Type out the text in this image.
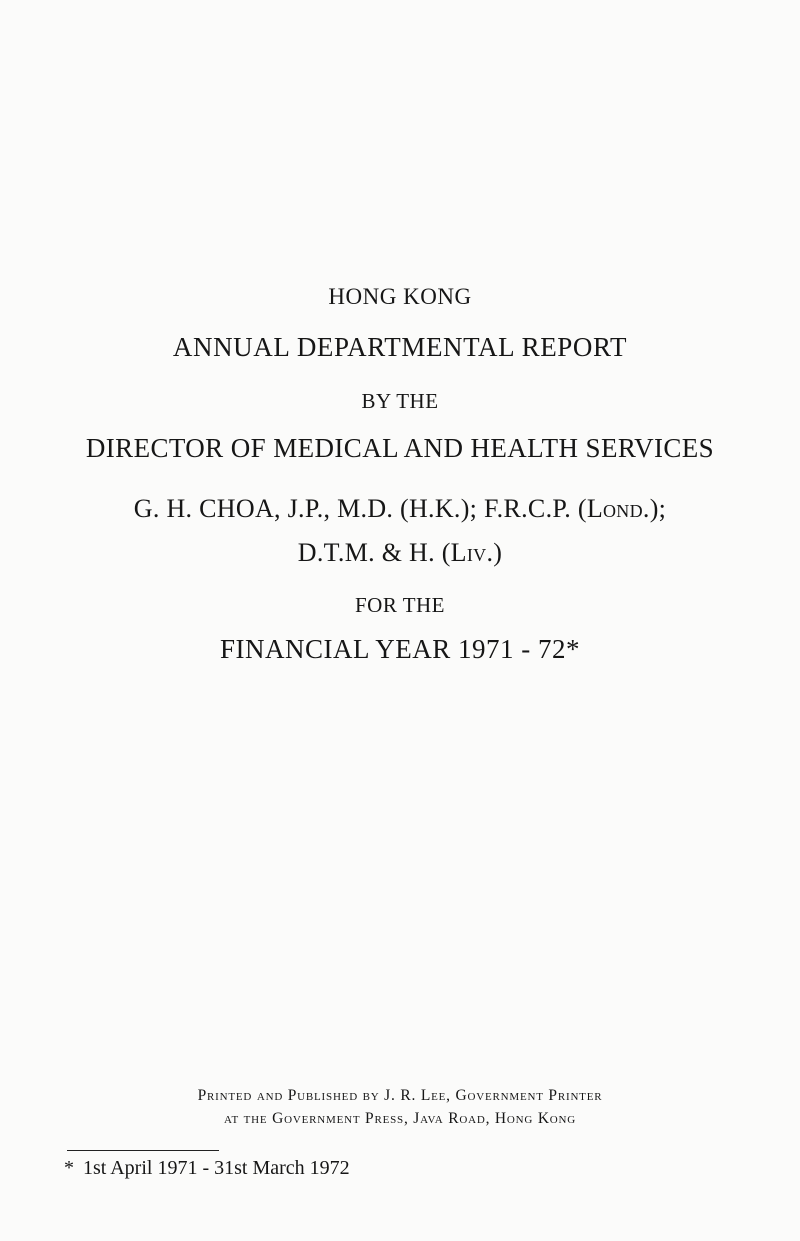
HONG KONG
ANNUAL DEPARTMENTAL REPORT
BY THE
DIRECTOR OF MEDICAL AND HEALTH SERVICES
G. H. CHOA, J.P., M.D. (H.K.); F.R.C.P. (Lond.);
D.T.M. & H. (Liv.)
FOR THE
FINANCIAL YEAR 1971 - 72*
Printed and Published by J. R. Lee, Government Printer
at the Government Press, Java Road, Hong Kong
* 1st April 1971 - 31st March 1972
